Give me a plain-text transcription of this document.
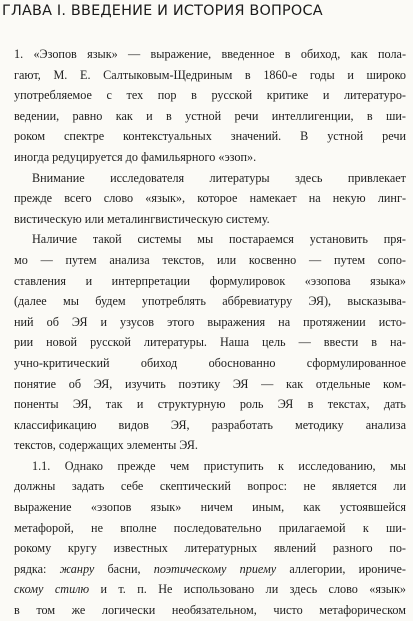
ГЛАВА I. ВВЕДЕНИЕ И ИСТОРИЯ ВОПРОСА
1. «Эзопов язык» — выражение, введенное в обиход, как пола-
гают, М. Е. Салтыковым-Щедриным в 1860-е годы и широко
употребляемое с тех пор в русской критике и литературо-
ведении, равно как и в устной речи интеллигенции, в ши-
роком спектре контекстуальных значений. В устной речи
иногда редуцируется до фамильярного «эзоп».
Внимание исследователя литературы здесь привлекает
прежде всего слово «язык», которое намекает на некую линг-
вистическую или металингвистическую систему.
Наличие такой системы мы постараемся установить пря-
мо — путем анализа текстов, или косвенно — путем сопо-
ставления и интерпретации формулировок «эзопова языка»
(далее мы будем употреблять аббревиатуру ЭЯ), высказыва-
ний об ЭЯ и узусов этого выражения на протяжении исто-
рии новой русской литературы. Наша цель — ввести в на-
учно-критический обиход обоснованно сформулированное
понятие об ЭЯ, изучить поэтику ЭЯ — как отдельные ком-
поненты ЭЯ, так и структурную роль ЭЯ в текстах, дать
классификацию видов ЭЯ, разработать методику анализа
текстов, содержащих элементы ЭЯ.
1.1. Однако прежде чем приступить к исследованию, мы
должны задать себе скептический вопрос: не является ли
выражение «эзопов язык» ничем иным, как устоявшейся
метафорой, не вполне последовательно прилагаемой к ши-
рокому кругу известных литературных явлений разного по-
рядка: жанру басни, поэтическому приему аллегории, ирониче-
скому стилю и т. п. Не использовано ли здесь слово «язык»
в том же логически необязательном, чисто метафорическом
